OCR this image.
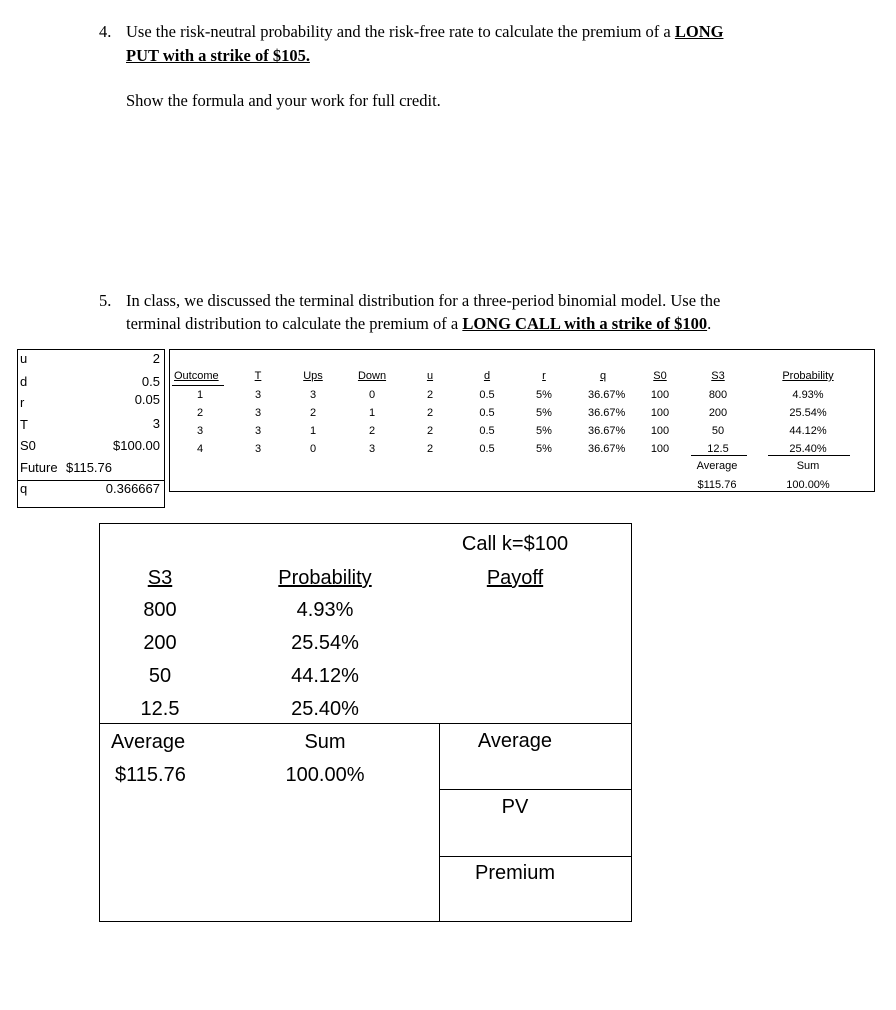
4. Use the risk-neutral probability and the risk-free rate to calculate the premium of a LONG
PUT with a strike of $105.
Show the formula and your work for full credit.
5. In class, we discussed the terminal distribution for a three-period binomial model. Use the
terminal distribution to calculate the premium of a LONG CALL with a strike of $100.
u	2
d	0.5
r	0.05
T	3
S0	$100.00
Future $115.76
q	0.366667
Outcome	T	Ups	Down	u	d	r	q	S0	S3	Probability
1	3	3	0	2	0.5	5%	36.67%	100	800	4.93%
2	3	2	1	2	0.5	5%	36.67%	100	200	25.54%
3	3	1	2	2	0.5	5%	36.67%	100	50	44.12%
4	3	0	3	2	0.5	5%	36.67%	100	12.5	25.40%
Average
$115.76
Sum
100.00%
Call k=$100
S3	Probability	Payoff
800	4.93%
200	25.54%
50	44.12%
12.5	25.40%
Average
$115.76
Sum
100.00%
Average
PV
Premium
